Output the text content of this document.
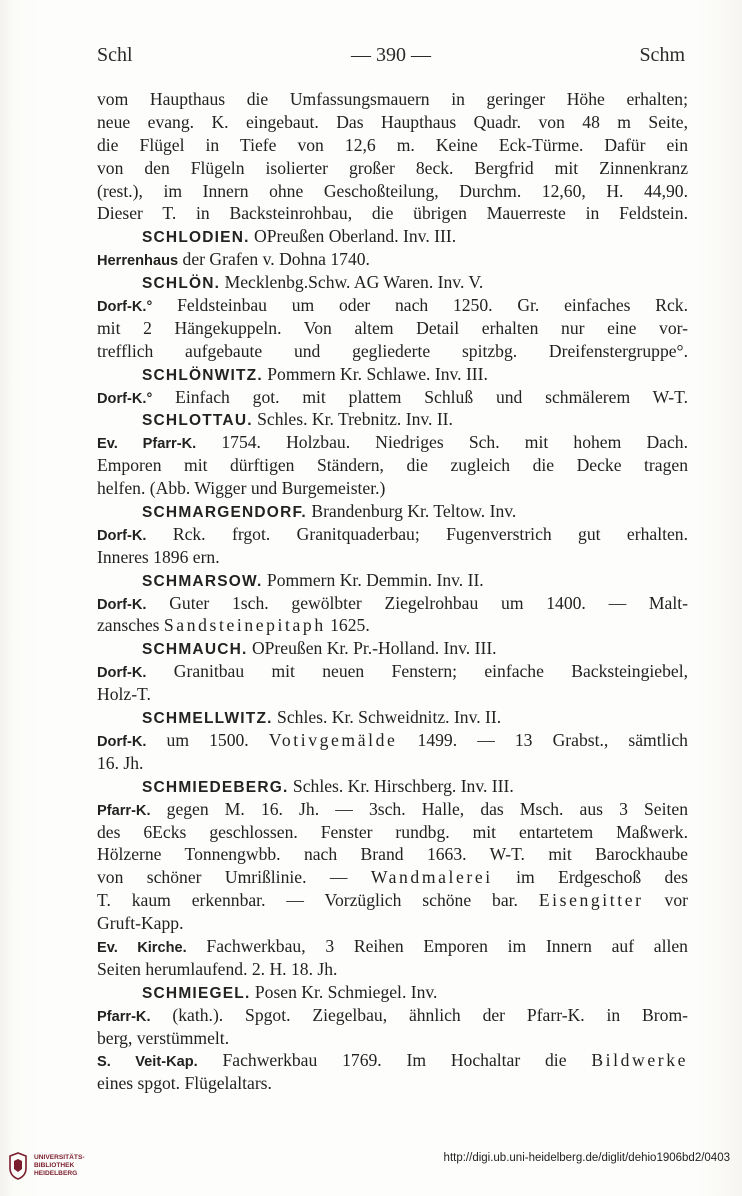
Schl	— 390 —	Schm
vom Haupthaus die Umfassungsmauern in geringer Höhe erhalten;
neue evang. K. eingebaut. Das Haupthaus Quadr. von 48 m Seite,
die Flügel in Tiefe von 12,6 m. Keine Eck-Türme. Dafür ein
von den Flügeln isolierter großer 8eck. Bergfrid mit Zinnenkranz
(rest.), im Innern ohne Geschoßteilung, Durchm. 12,60, H. 44,90.
Dieser T. in Backsteinrohbau, die übrigen Mauerreste in Feldstein.
SCHLODIEN. OPreußen Oberland. Inv. III.
Herrenhaus der Grafen v. Dohna 1740.
SCHLÖN. Mecklenbg.Schw. AG Waren. Inv. V.
Dorf-K.° Feldsteinbau um oder nach 1250. Gr. einfaches Rck.
mit 2 Hängekuppeln. Von altem Detail erhalten nur eine vor-
trefflich aufgebaute und gegliederte spitzbg. Dreifenstergruppe°.
SCHLÖNWITZ. Pommern Kr. Schlawe. Inv. III.
Dorf-K.° Einfach got. mit plattem Schluß und schmälerem W-T.
SCHLOTTAU. Schles. Kr. Trebnitz. Inv. II.
Ev. Pfarr-K. 1754. Holzbau. Niedriges Sch. mit hohem Dach.
Emporen mit dürftigen Ständern, die zugleich die Decke tragen
helfen. (Abb. Wigger und Burgemeister.)
SCHMARGENDORF. Brandenburg Kr. Teltow. Inv.
Dorf-K. Rck. frgot. Granitquaderbau; Fugenverstrich gut erhalten.
Inneres 1896 ern.
SCHMARSOW. Pommern Kr. Demmin. Inv. II.
Dorf-K. Guter 1sch. gewölbter Ziegelrohbau um 1400. — Malt-
zansches Sandsteinepitaph 1625.
SCHMAUCH. OPreußen Kr. Pr.-Holland. Inv. III.
Dorf-K. Granitbau mit neuen Fenstern; einfache Backsteingiebel,
Holz-T.
SCHMELLWITZ. Schles. Kr. Schweidnitz. Inv. II.
Dorf-K. um 1500. Votivgemälde 1499. — 13 Grabst., sämtlich
16. Jh.
SCHMIEDEBERG. Schles. Kr. Hirschberg. Inv. III.
Pfarr-K. gegen M. 16. Jh. — 3sch. Halle, das Msch. aus 3 Seiten
des 6Ecks geschlossen. Fenster rundbg. mit entartetem Maßwerk.
Hölzerne Tonnengwbb. nach Brand 1663. W-T. mit Barockhaube
von schöner Umrißlinie. — Wandmalerei im Erdgeschoß des
T. kaum erkennbar. — Vorzüglich schöne bar. Eisengitter vor
Gruft-Kapp.
Ev. Kirche. Fachwerkbau, 3 Reihen Emporen im Innern auf allen
Seiten herumlaufend. 2. H. 18. Jh.
SCHMIEGEL. Posen Kr. Schmiegel. Inv.
Pfarr-K. (kath.). Spgot. Ziegelbau, ähnlich der Pfarr-K. in Brom-
berg, verstümmelt.
S. Veit-Kap. Fachwerkbau 1769. Im Hochaltar die Bildwerke
eines spgot. Flügelaltars.
UNIVERSITÄTS-
BIBLIOTHEK
HEIDELBERG
http://digi.ub.uni-heidelberg.de/diglit/dehio1906bd2/0403
